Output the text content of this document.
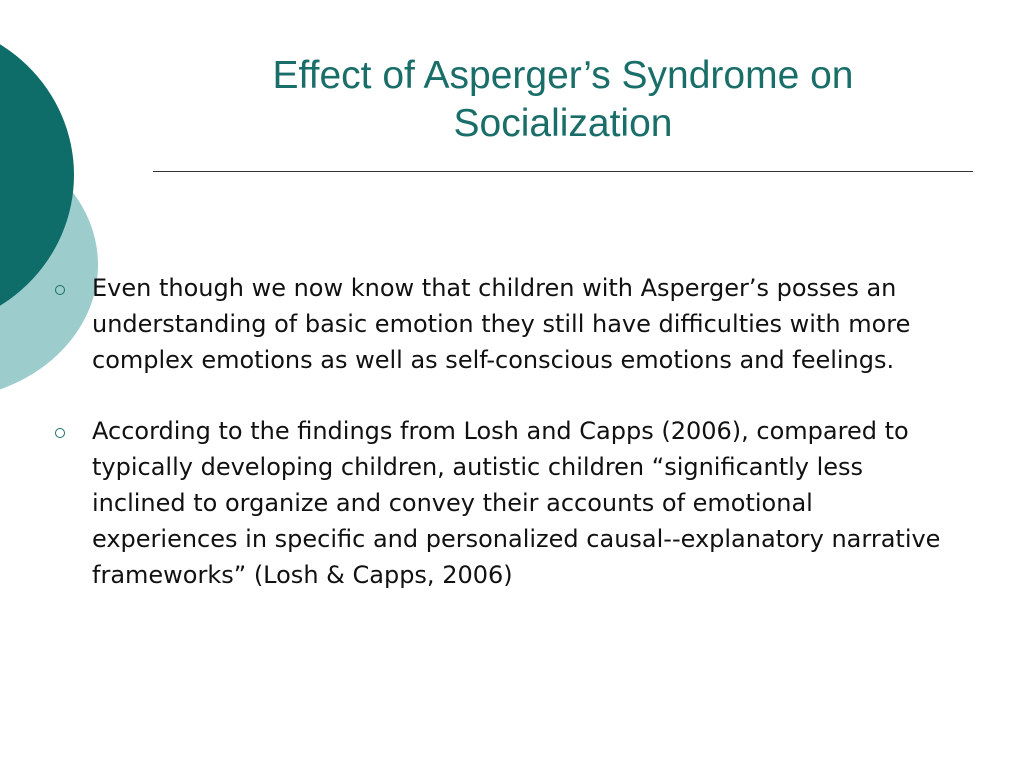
Effect of Asperger’s Syndrome on Socialization
Even though we now know that children with Asperger’s posses an understanding of basic emotion they still have difficulties with more complex emotions as well as self-conscious emotions and feelings.
According to the findings from Losh and Capps (2006), compared to typically developing children, autistic children “significantly less inclined to organize and convey their accounts of emotional experiences in specific and personalized causal--explanatory narrative frameworks” (Losh & Capps, 2006)
